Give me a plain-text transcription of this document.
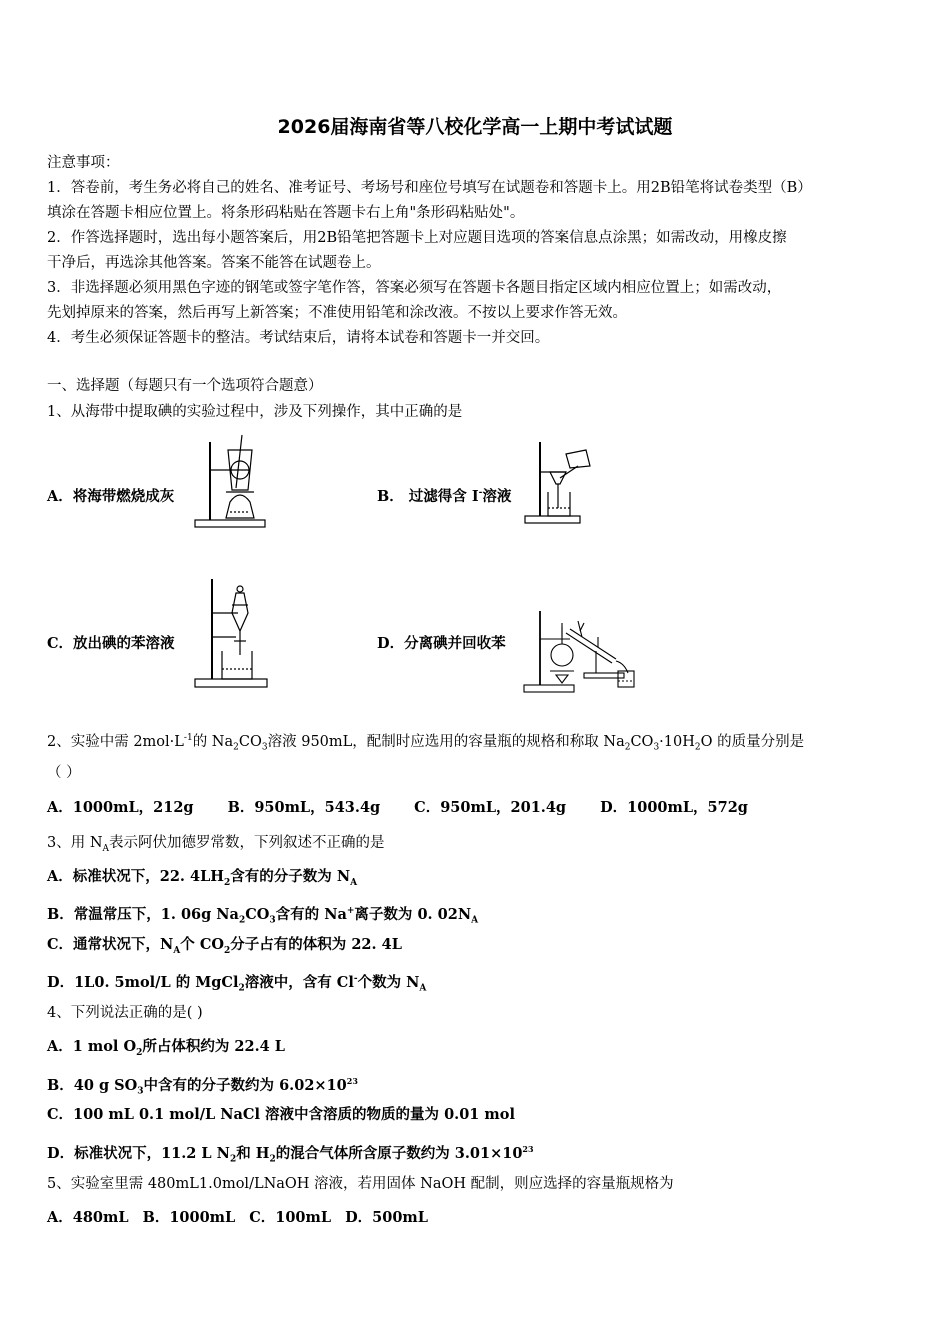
2026届海南省等八校化学高一上期中考试试题
注意事项：
1．答卷前，考生务必将自己的姓名、准考证号、考场号和座位号填写在试题卷和答题卡上。用2B铅笔将试卷类型（B）
填涂在答题卡相应位置上。将条形码粘贴在答题卡右上角"条形码粘贴处"。
2．作答选择题时，选出每小题答案后，用2B铅笔把答题卡上对应题目选项的答案信息点涂黑；如需改动，用橡皮擦
干净后，再选涂其他答案。答案不能答在试题卷上。
3．非选择题必须用黑色字迹的钢笔或签字笔作答，答案必须写在答题卡各题目指定区域内相应位置上；如需改动，
先划掉原来的答案，然后再写上新答案；不准使用铅笔和涂改液。不按以上要求作答无效。
4．考生必须保证答题卡的整洁。考试结束后，请将本试卷和答题卡一并交回。
一、选择题（每题只有一个选项符合题意）
1、从海带中提取碘的实验过程中，涉及下列操作，其中正确的是
A．将海带燃烧成灰	B． 过滤得含 I-溶液
C．放出碘的苯溶液	D．分离碘并回收苯
2、实验中需 $2mol\cdot L^{-1}$的 $Na_2CO_3$溶液 950mL，配制时应选用的容量瓶的规格和称取 $Na_2CO_3\cdot 10H_2O$ 的质量分别是
（ ）
A．1000mL，212g B．950mL，543.4g C．950mL，201.4g D．1000mL，572g
3、用 $N_A$表示阿伏加德罗常数，下列叙述不正确的是
A．标准状况下，22. $4LH_2$含有的分子数为 $N_A$
B．常温常压下，1. 06g $Na_2CO_3$含有的 Na+离子数为 0. $02N_A$
C．通常状况下，$N_A$个 $CO_2$分子占有的体积为 22. 4L
D．1L0. 5mol/L 的 MgCl$_2$溶液中，含有 Cl-个数为 $N_A$
4、下列说法正确的是( )
A．1 mol $O_2$所占体积约为 22.4 L
B．40 g $SO_3$中含有的分子数约为 $6.02\times 10^{23}$
C．100 mL 0.1 mol/L NaCl 溶液中含溶质的物质的量为 0.01 mol
D．标准状况下，11.2 L $N_2$和 $H_2$的混合气体所含原子数约为 $3.01\times 10^{23}$
5、实验室里需 480mL1.0mol/LNaOH 溶液，若用固体 NaOH 配制，则应选择的容量瓶规格为
A．480mL B．1000mL C．100mL D．500mL
